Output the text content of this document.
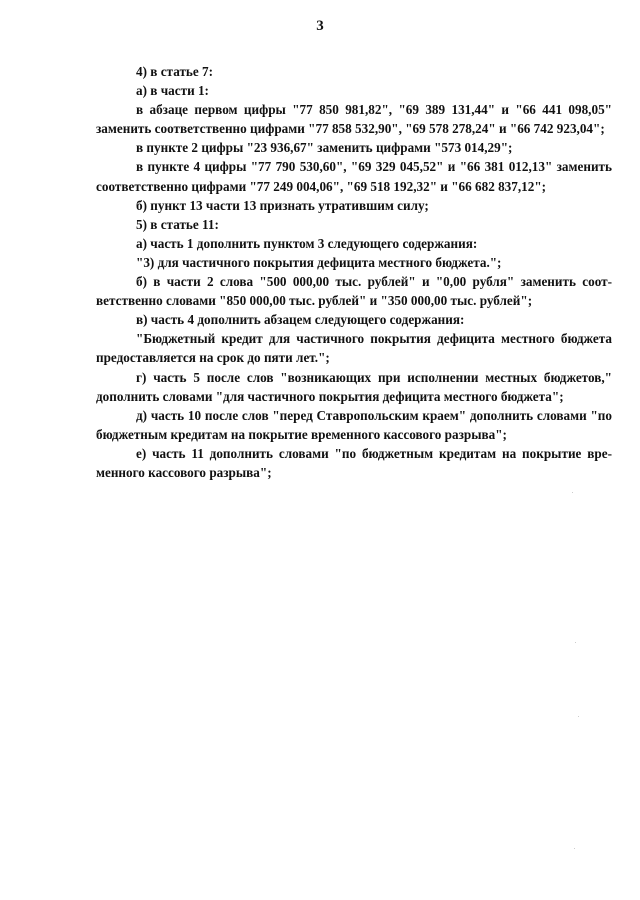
3

4) в статье 7:

а) в части 1:

в абзаце первом цифры "77 850 981,82", "69 389 131,44" и "66 441 098,05" заменить соответственно цифрами "77 858 532,90", "69 578 278,24" и "66 742 923,04";

в пункте 2 цифры "23 936,67" заменить цифрами "573 014,29";

в пункте 4 цифры "77 790 530,60", "69 329 045,52" и "66 381 012,13" заменить соответственно цифрами "77 249 004,06", "69 518 192,32" и "66 682 837,12";

б) пункт 13 части 13 признать утратившим силу;

5) в статье 11:

а) часть 1 дополнить пунктом 3 следующего содержания:

"3) для частичного покрытия дефицита местного бюджета.";

б) в части 2 слова "500 000,00 тыс. рублей" и "0,00 рубля" заменить соответственно словами "850 000,00 тыс. рублей" и "350 000,00 тыс. рублей";

в) часть 4 дополнить абзацем следующего содержания:

"Бюджетный кредит для частичного покрытия дефицита местного бюджета предоставляется на срок до пяти лет.";

г) часть 5 после слов "возникающих при исполнении местных бюджетов," дополнить словами "для частичного покрытия дефицита местного бюджета";

д) часть 10 после слов "перед Ставропольским краем" дополнить словами "по бюджетным кредитам на покрытие временного кассового разрыва";

е) часть 11 дополнить словами "по бюджетным кредитам на покрытие временного кассового разрыва";
